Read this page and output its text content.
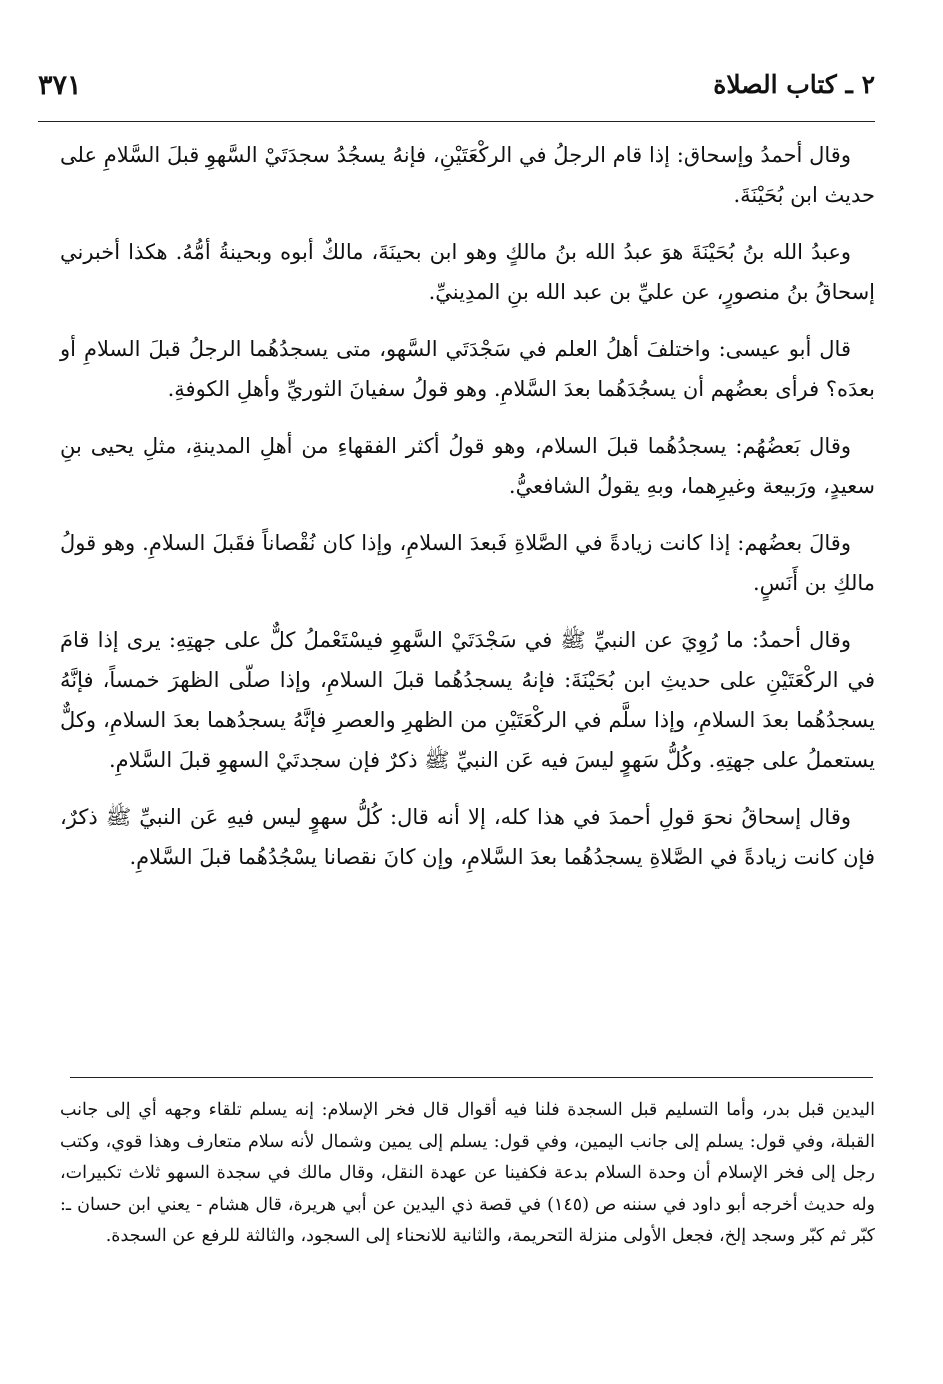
٢ ـ كتاب الصلاة
٣٧١

وقال أحمدُ وإسحاق: إذا قام الرجلُ في الركْعَتَيْنِ، فإنهُ يسجُدُ سجدَتَيْ السَّهوِ قبلَ السَّلامِ على حديث ابن بُحَيْنَةَ.

وعبدُ الله بنُ بُحَيْنَةَ هوَ عبدُ الله بنُ مالكٍ وهو ابن بحينَةَ، مالكٌ أبوه وبحينةُ أمُّهُ. هكذا أخبرني إسحاقُ بنُ منصورٍ، عن عليِّ بن عبد الله بنِ المدِينيِّ.

قال أبو عيسى: واختلفَ أهلُ العلم في سَجْدَتَي السَّهو، متى يسجدُهُما الرجلُ قبلَ السلامِ أو بعدَه؟ فرأى بعضُهم أن يسجُدَهُما بعدَ السَّلامِ. وهو قولُ سفيانَ الثوريِّ وأهلِ الكوفةِ.

وقال بَعضُهُم: يسجدُهُما قبلَ السلام، وهو قولُ أكثر الفقهاءِ من أهلِ المدينةِ، مثلِ يحيى بنِ سعيدٍ، ورَبيعة وغيرِهما، وبهِ يقولُ الشافعيُّ.

وقالَ بعضُهم: إذا كانت زيادةً في الصَّلاةِ فَبعدَ السلامِ، وإذا كان نُقْصاناً فقَبلَ السلامِ. وهو قولُ مالكِ بن أَنَسٍ.

وقال أحمدُ: ما رُوِيَ عن النبيِّ ﷺ في سَجْدَتَيْ السَّهوِ فيسْتَعْملُ كلٌّ على جهتِهِ: يرى إذا قامَ في الركْعَتَيْنِ على حديثِ ابن بُحَيْنَةَ: فإنهُ يسجدُهُما قبلَ السلامِ، وإذا صلّى الظهرَ خمساً، فإنَّهُ يسجدُهُما بعدَ السلامِ، وإذا سلَّم في الركْعَتَيْنِ من الظهرِ والعصرِ فإنَّهُ يسجدُهما بعدَ السلامِ، وكلٌّ يستعملُ على جهتِهِ. وكُلُّ سَهوٍ ليسَ فيه عَن النبيِّ ﷺ ذكرٌ فإن سجدتَيْ السهوِ قبلَ السَّلامِ.

وقال إسحاقُ نحوَ قولِ أحمدَ في هذا كله، إلا أنه قال: كُلُّ سهوٍ ليس فيهِ عَن النبيِّ ﷺ ذكرٌ، فإن كانت زيادةً في الصَّلاةِ يسجدُهُما بعدَ السَّلامِ، وإن كانَ نقصانا يسْجُدُهُما قبلَ السَّلامِ.

اليدين قبل بدر، وأما التسليم قبل السجدة فلنا فيه أقوال قال فخر الإسلام: إنه يسلم تلقاء وجهه أي إلى جانب القبلة، وفي قول: يسلم إلى جانب اليمين، وفي قول: يسلم إلى يمين وشمال لأنه سلام متعارف وهذا قوي، وكتب رجل إلى فخر الإسلام أن وحدة السلام بدعة فكفينا عن عهدة النقل، وقال مالك في سجدة السهو ثلاث تكبيرات، وله حديث أخرجه أبو داود في سننه ص (١٤٥) في قصة ذي اليدين عن أبي هريرة، قال هشام - يعني ابن حسان ـ: كبّر ثم كبّر وسجد إلخ، فجعل الأولى منزلة التحريمة، والثانية للانحناء إلى السجود، والثالثة للرفع عن السجدة.
